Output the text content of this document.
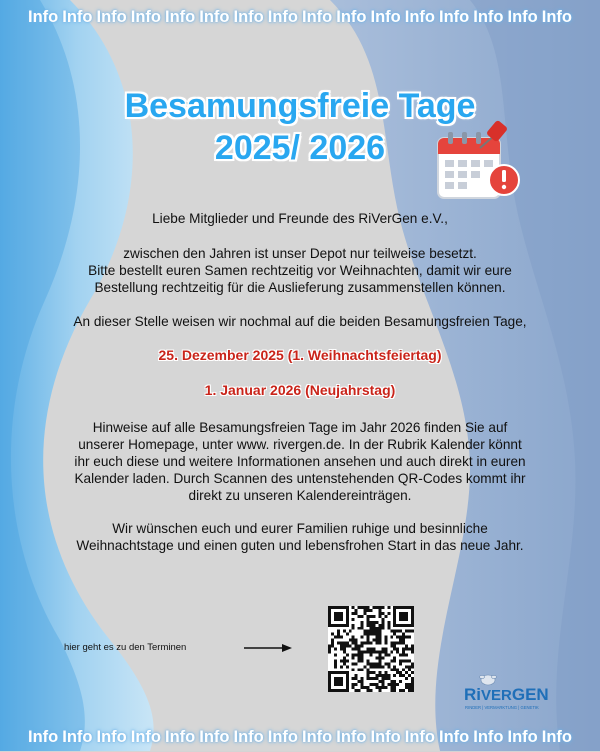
Info Info Info Info Info Info Info Info Info Info Info Info Info Info Info Info
Besamungsfreie Tage
2025/ 2026
Liebe Mitglieder und Freunde des RiVerGen e.V.,
zwischen den Jahren ist unser Depot nur teilweise besetzt.
Bitte bestellt euren Samen rechtzeitig vor Weihnachten, damit wir eure
Bestellung rechtzeitig für die Auslieferung zusammenstellen können.
An dieser Stelle weisen wir nochmal auf die beiden Besamungsfreien Tage,
25. Dezember 2025 (1. Weihnachtsfeiertag)
1. Januar 2026 (Neujahrstag)
Hinweise auf alle Besamungsfreien Tage im Jahr 2026 finden Sie auf
unserer Homepage, unter www. rivergen.de. In der Rubrik Kalender könnt
ihr euch diese und weitere Informationen ansehen und auch direkt in euren
Kalender laden. Durch Scannen des untenstehenden QR-Codes kommt ihr
direkt zu unseren Kalendereinträgen.
Wir wünschen euch und eurer Familien ruhige und besinnliche
Weihnachtstage und einen guten und lebensfrohen Start in das neue Jahr.
hier geht es zu den Terminen
RiVERGEN
RINDER | VERMARKTUNG | GENETIK
Info Info Info Info Info Info Info Info Info Info Info Info Info Info Info Info
